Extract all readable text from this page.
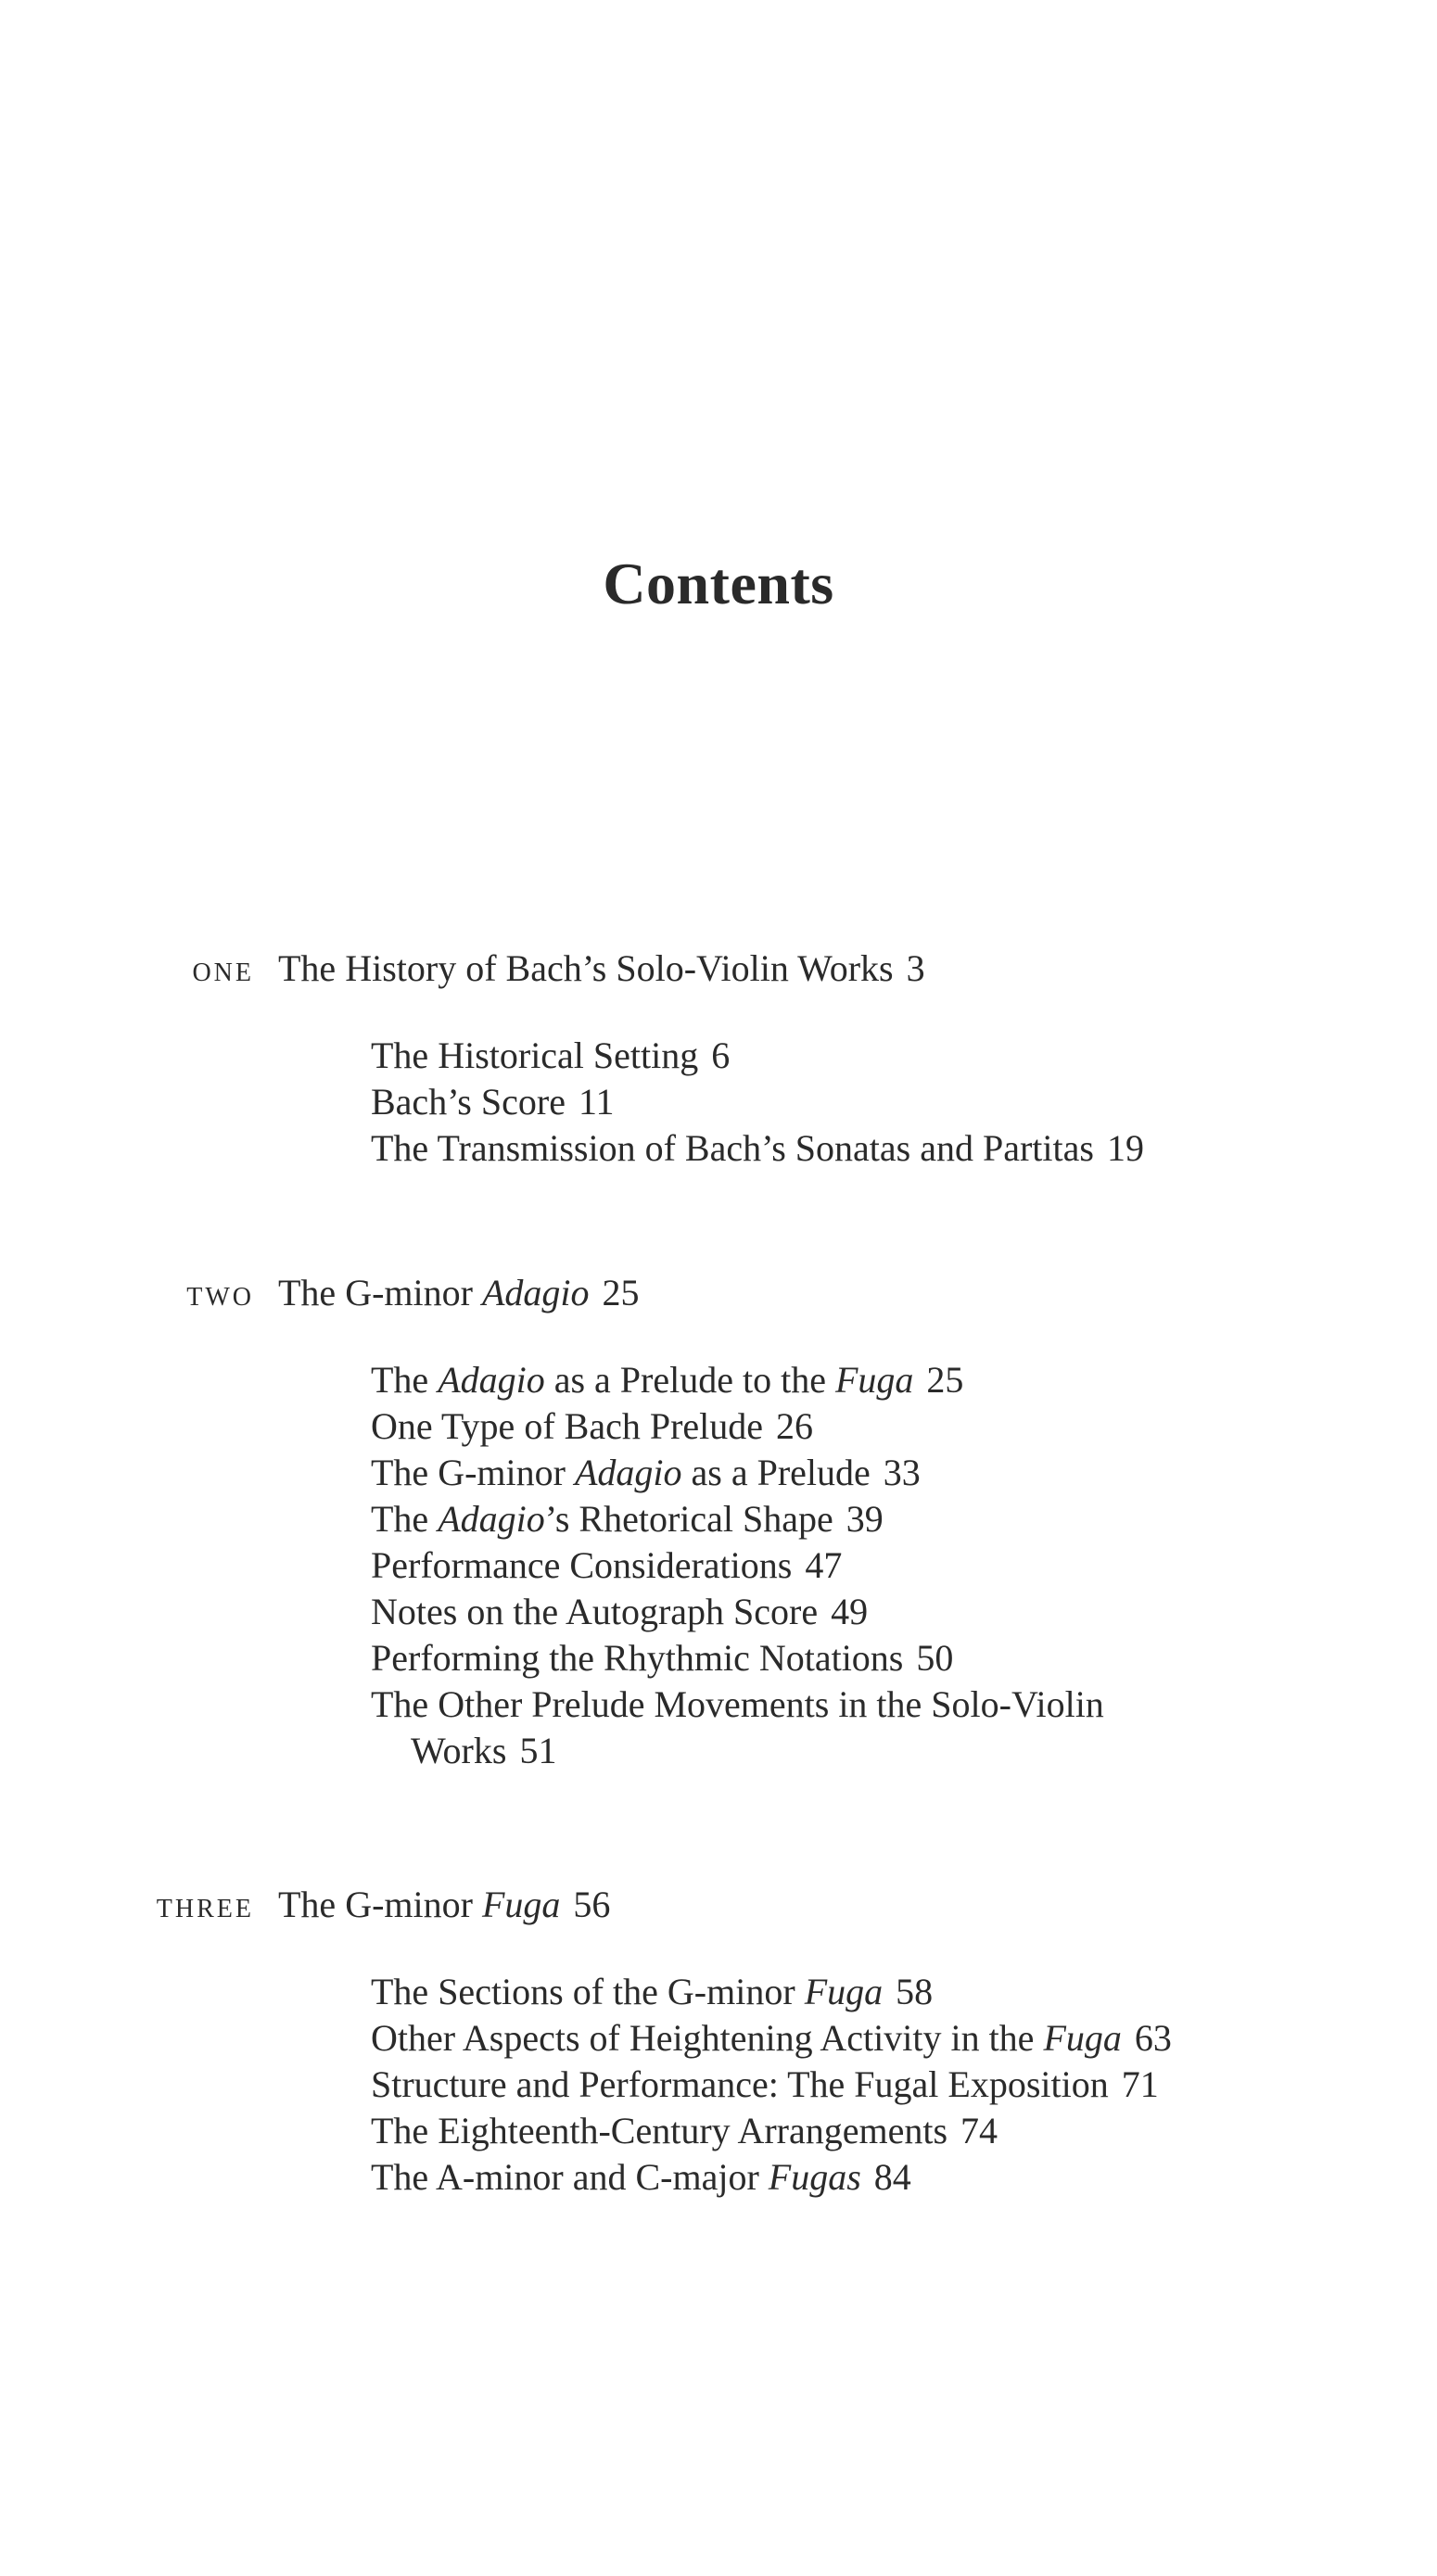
Contents
one The History of Bach’s Solo-Violin Works 3
The Historical Setting 6
Bach’s Score 11
The Transmission of Bach’s Sonatas and Partitas 19
two The G-minor Adagio 25
The Adagio as a Prelude to the Fuga 25
One Type of Bach Prelude 26
The G-minor Adagio as a Prelude 33
The Adagio’s Rhetorical Shape 39
Performance Considerations 47
Notes on the Autograph Score 49
Performing the Rhythmic Notations 50
The Other Prelude Movements in the Solo-Violin
Works 51
three The G-minor Fuga 56
The Sections of the G-minor Fuga 58
Other Aspects of Heightening Activity in the Fuga 63
Structure and Performance: The Fugal Exposition 71
The Eighteenth-Century Arrangements 74
The A-minor and C-major Fugas 84
